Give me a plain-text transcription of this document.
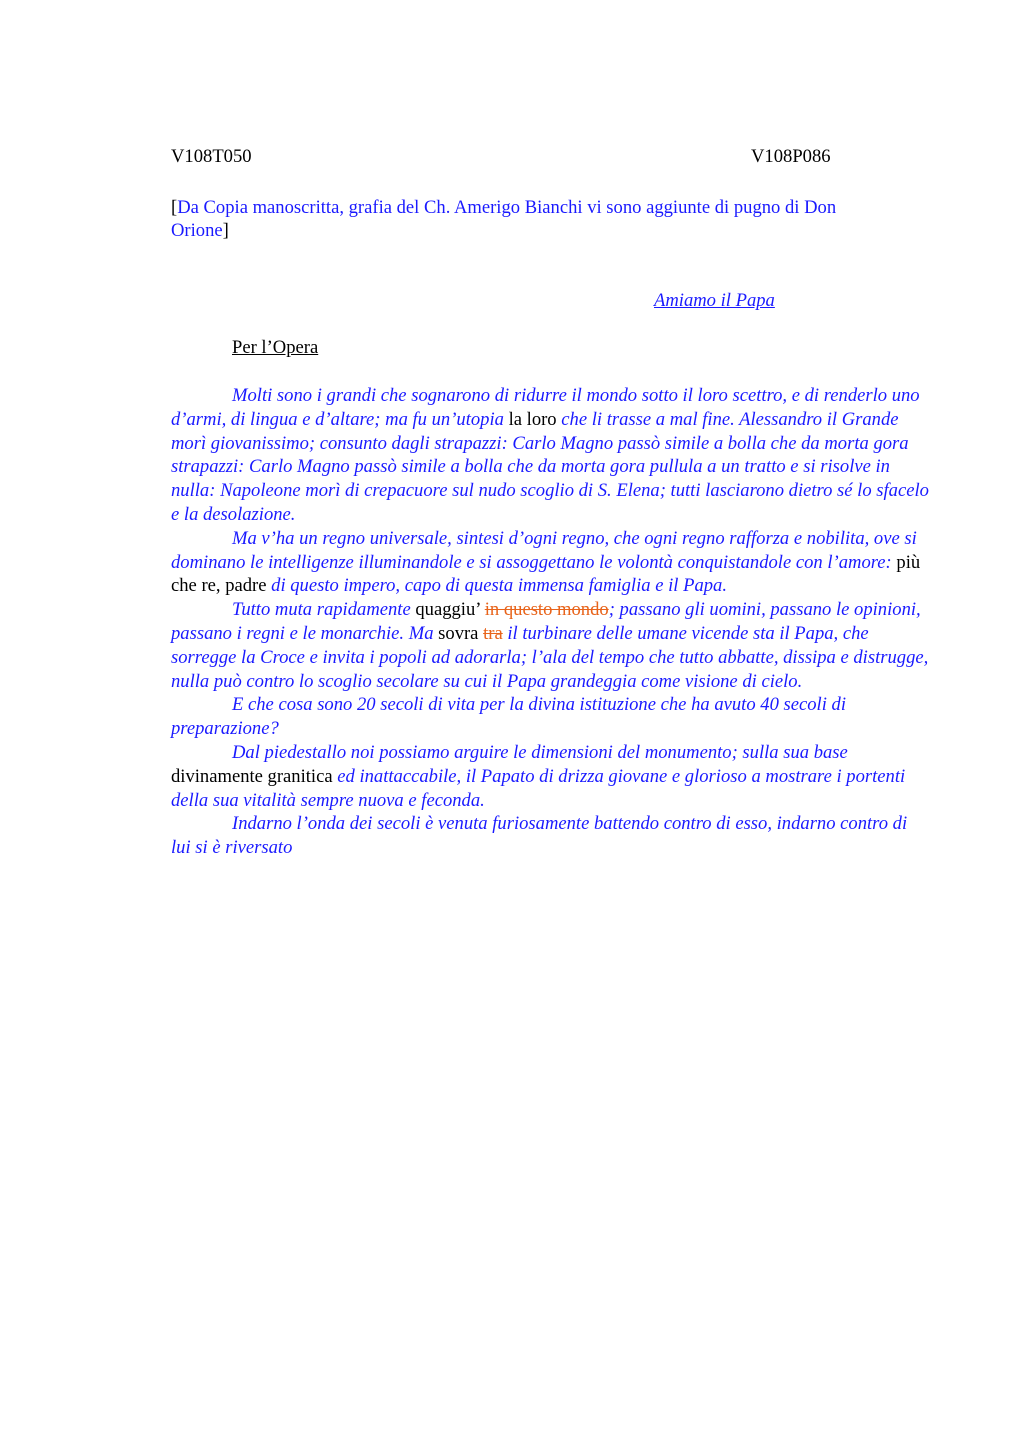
V108T050	V108P086
[Da Copia manoscritta, grafia del Ch. Amerigo Bianchi vi sono aggiunte di pugno di Don
Orione]
Amiamo il Papa
Per l’Opera
Molti sono i grandi che sognarono di ridurre il mondo sotto il loro scettro, e di renderlo uno d’armi, di lingua e d’altare; ma fu un’utopia la loro che li trasse a mal fine. Alessandro il Grande morì giovanissimo; consunto dagli strapazzi: Carlo Magno passò simile a bolla che da morta gora strapazzi: Carlo Magno passò simile a bolla che da morta gora pullula a un tratto e si risolve in nulla: Napoleone morì di crepacuore sul nudo scoglio di S. Elena; tutti lasciarono dietro sé lo sfacelo e la desolazione.
Ma v’ha un regno universale, sintesi d’ogni regno, che ogni regno rafforza e nobilita, ove si dominano le intelligenze illuminandole e si assoggettano le volontà conquistandole con l’amore: più che re, padre di questo impero, capo di questa immensa famiglia e il Papa.
Tutto muta rapidamente quaggiu’ in questo mondo; passano gli uomini, passano le opinioni, passano i regni e le monarchie. Ma sovra tra il turbinare delle umane vicende sta il Papa, che sorregge la Croce e invita i popoli ad adorarla; l’ala del tempo che tutto abbatte, dissipa e distrugge, nulla può contro lo scoglio secolare su cui il Papa grandeggia come visione di cielo.
E che cosa sono 20 secoli di vita per la divina istituzione che ha avuto 40 secoli di preparazione?
Dal piedestallo noi possiamo arguire le dimensioni del monumento; sulla sua base divinamente granitica ed inattaccabile, il Papato di drizza giovane e glorioso a mostrare i portenti della sua vitalità sempre nuova e feconda.
Indarno l’onda dei secoli è venuta furiosamente battendo contro di esso, indarno contro di lui si è riversato
